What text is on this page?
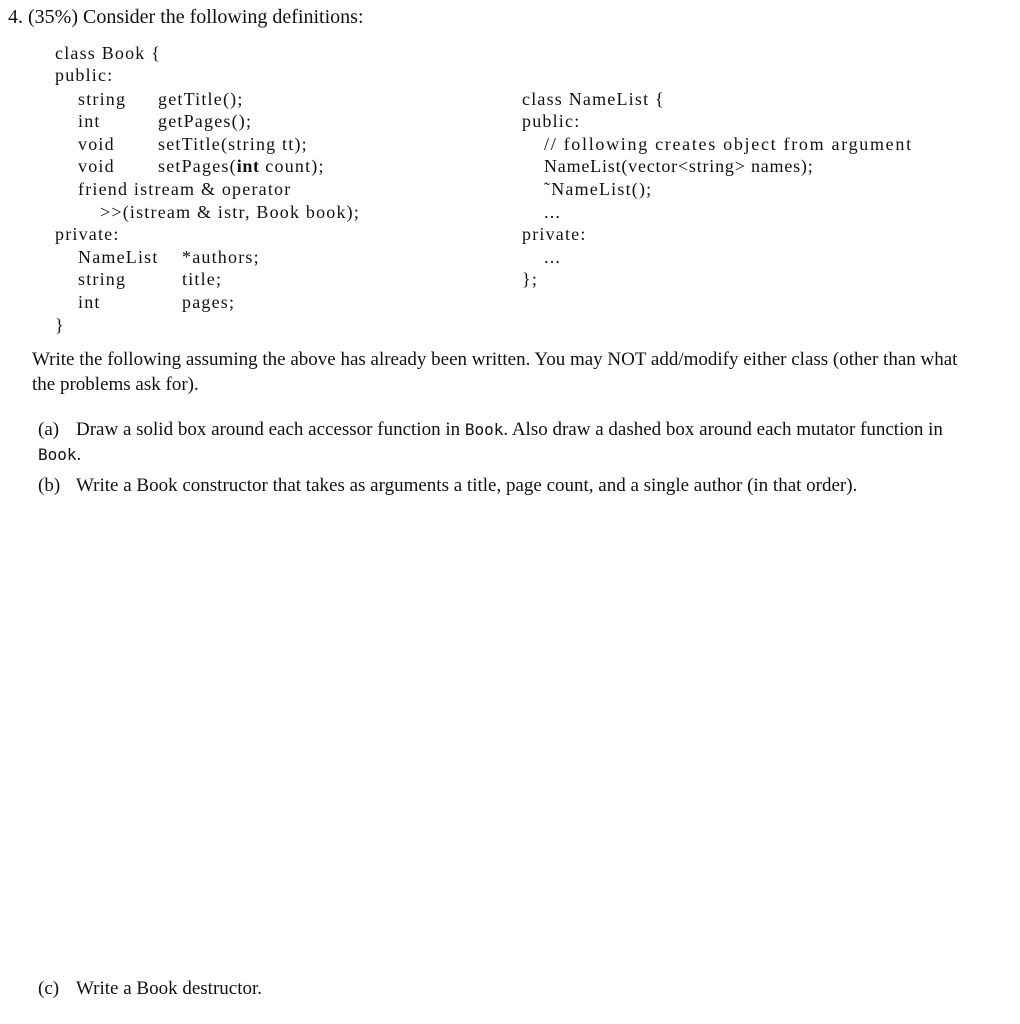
4. (35%) Consider the following definitions:
class Book {
public:
string getTitle();
int	getPages();
void setTitle(string tt);
void setPages(int count);
friend istream & operator
>>(istream & istr, Book book);
private:
NameList *authors;
string	title;
int	pages;
}
class NameList {
public:
// following creates object from argument
NameList(vector<string> names);
˜NameList();
...
private:
...
};
Write the following assuming the above has already been written. You may NOT add/modify either class (other than what the problems ask for).
(a) Draw a solid box around each accessor function in Book. Also draw a dashed box around each mutator function in Book.
(b) Write a Book constructor that takes as arguments a title, page count, and a single author (in that order).
(c) Write a Book destructor.
